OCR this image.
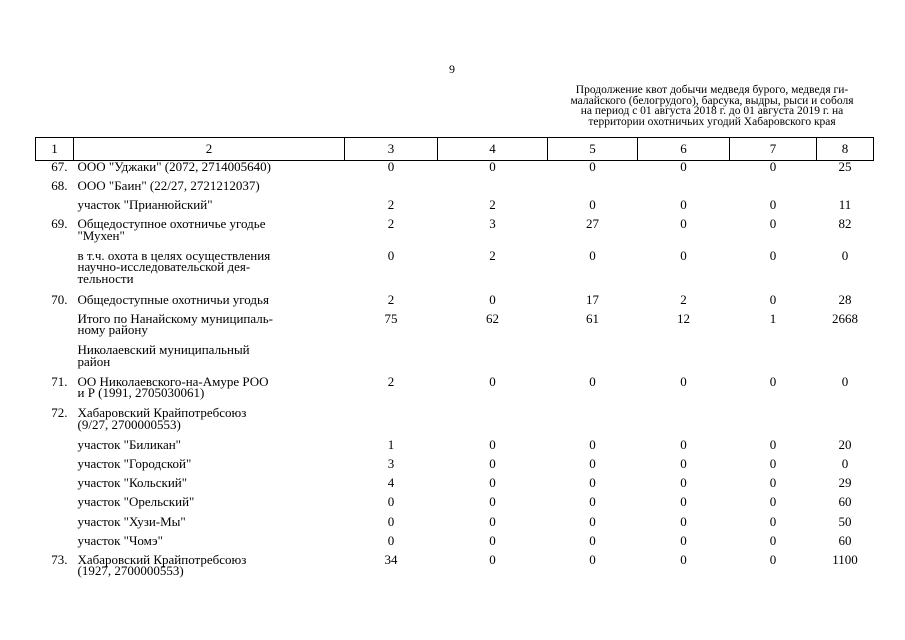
9
Продолжение квот добычи медведя бурого, медведя ги-
малайского (белогрудого), барсука, выдры, рыси и соболя
на период с 01 августа 2018 г. до 01 августа 2019 г. на
территории охотничьих угодий Хабаровского края
1	2	3	4	5	6	7	8
67.	ООО "Уджаки" (2072, 2714005640)	0	0	0	0	0	25
68.	ООО "Баин" (22/27, 2721212037)						

	участок "Прианюйский"	2	2	0	0	0	11
69.	Общедоступное охотничье угодье
"Мухен"	2	3	27	0	0	82

	в т.ч. охота в целях осуществления
научно-исследовательской дея-
тельности	0	2	0	0	0	0
70.	Общедоступные охотничьи угодья	2	0	17	2	0	28

	Итого по Нанайскому муниципаль-
ному району	75	62	61	12	1	2668

	Николаевский муниципальный
район						

71.	ОО Николаевского-на-Амуре РОО
и Р (1991, 2705030061)	2	0	0	0	0	0
72.	Хабаровский Крайпотребсоюз
(9/27, 2700000553)						

	участок "Биликан"	1	0	0	0	0	20

	участок "Городской"	3	0	0	0	0	0

	участок "Кольский"	4	0	0	0	0	29

	участок "Орельский"	0	0	0	0	0	60

	участок "Хузи-Мы"	0	0	0	0	0	50

	участок "Чомэ"	0	0	0	0	0	60
73.	Хабаровский Крайпотребсоюз
(1927, 2700000553)	34	0	0	0	0	1100
